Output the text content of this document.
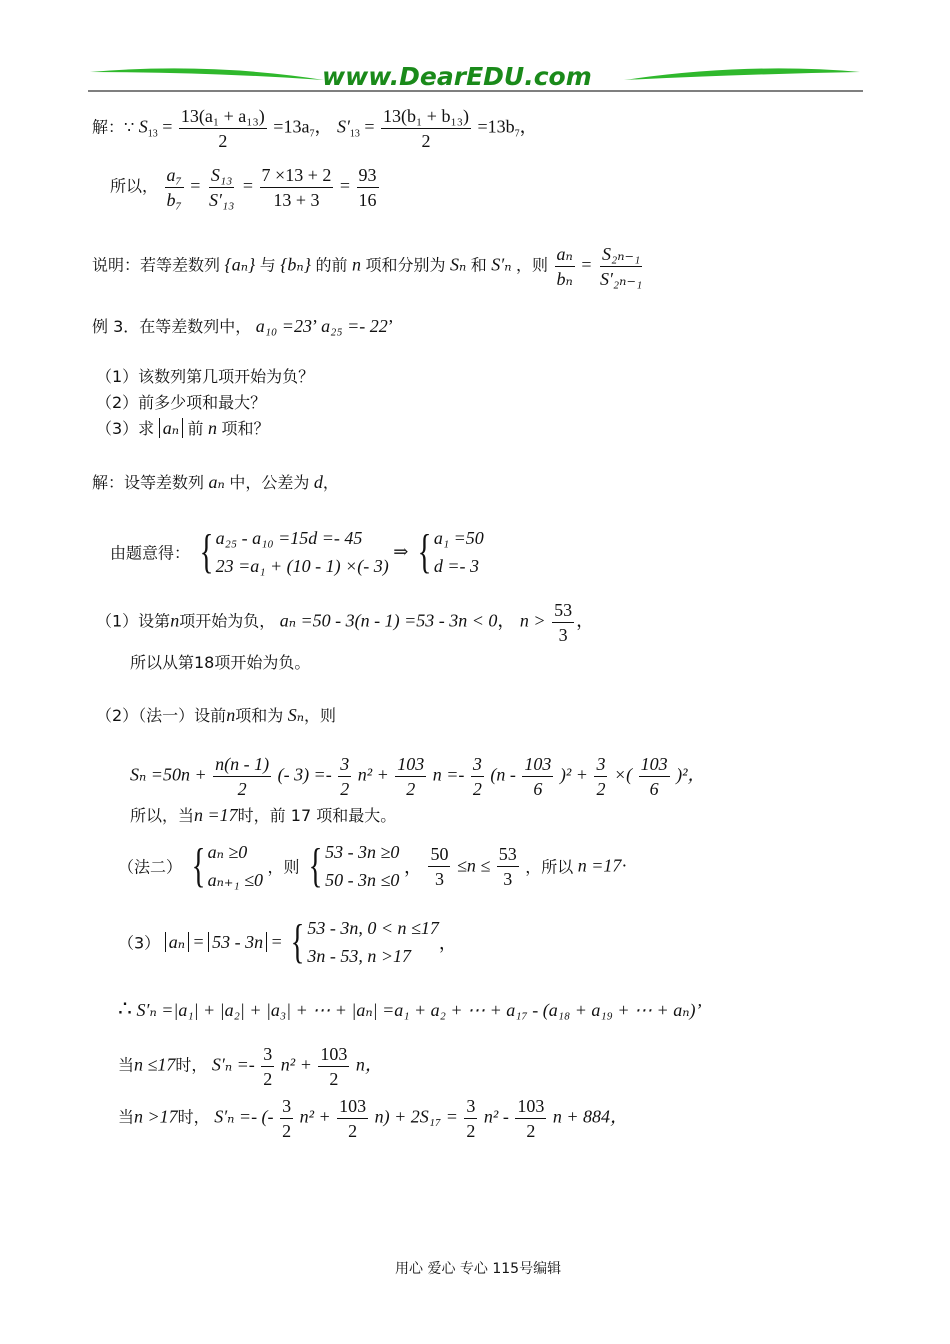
www.DearEDU.com
解：∵ $S_{13} = \frac{\text{13(a₁ + a₁₃)}}{2} =13a_7$， $S'_{13} = \frac{\text{13(b₁ + b₁₃)}}{2} =13b_7$，
所以， $\frac{\text{a₇}}{\text{b₇}} = \frac{\text{S₁₃}}{\text{S′₁₃}} = \frac{7 \times 13 + 2}{13 + 3} = \frac{93}{16}$
说明：若等差数列 {aₙ} 与 {bₙ} 的前 n 项和分别为 Sₙ 和 S′ₙ ，则 $\frac{\text{aₙ}}{\text{bₙ}} = \frac{\text{S₂ₙ₋₁}}{\text{S′₂ₙ₋₁}}$
例 3．在等差数列中， a₁₀ =23’ a₂₅ =- 22’
（1）该数列第几项开始为负？
（2）前多少项和最大？
（3）求 aₙ 前 n 项和？
解：设等差数列 aₙ 中，公差为 d，
由题意得： { a₂₅ - a₁₀ =15d =- 45
23 =a₁ + (10 - 1) ×(- 3)
⇒ { a₁ =50
d =- 3
（1）设第n项开始为负， aₙ =50 - 3(n - 1) =53 - 3n < 0， $n > \frac{53}{3}$ ，
所以从第18项开始为负。
（2）（法一）设前n项和为 Sₙ，则
$S_n =50n + \frac{n(n - 1)}{2}$ (- $3) =- \frac{3}{2} n^2 + \frac{103}{2}$ $n =- \frac{3}{2} (n - \frac{103}{6} )^2 + \frac{3}{2}$ ×( $\frac{103}{6} )^2$，
所以，当n =17时，前 17 项和最大。
（法二） { aₙ ≥0
aₙ₊₁ ≤0
，则 { 53 - 3n ≥0
50 - 3n ≤0
， $\frac{50}{3} \le n \le \frac{53}{3}$ ，所以 n =17·
（3） aₙ = 53 - 3n = { 53 - 3n, 0 < n ≤17
3n - 53, n >17
，
∴ S′ₙ =|a₁| + |a₂| + |a₃| + ⋯ + |aₙ| =a₁ + a₂ + ⋯ + a₁₇ - (a₁₈ + a₁₉ + ⋯ + aₙ)’
当n ≤17时， $S'_n =- \frac{3}{2} n^2 + \frac{103}{2}$ n，
当n >17时， S′ₙ =- (- $\frac{3}{2} n^2 + \frac{103}{2} n) + 2S_{17} = \frac{3}{2} n^2 - \frac{103}{2}$ n + 884，
用心 爱心 专心 115号编辑
